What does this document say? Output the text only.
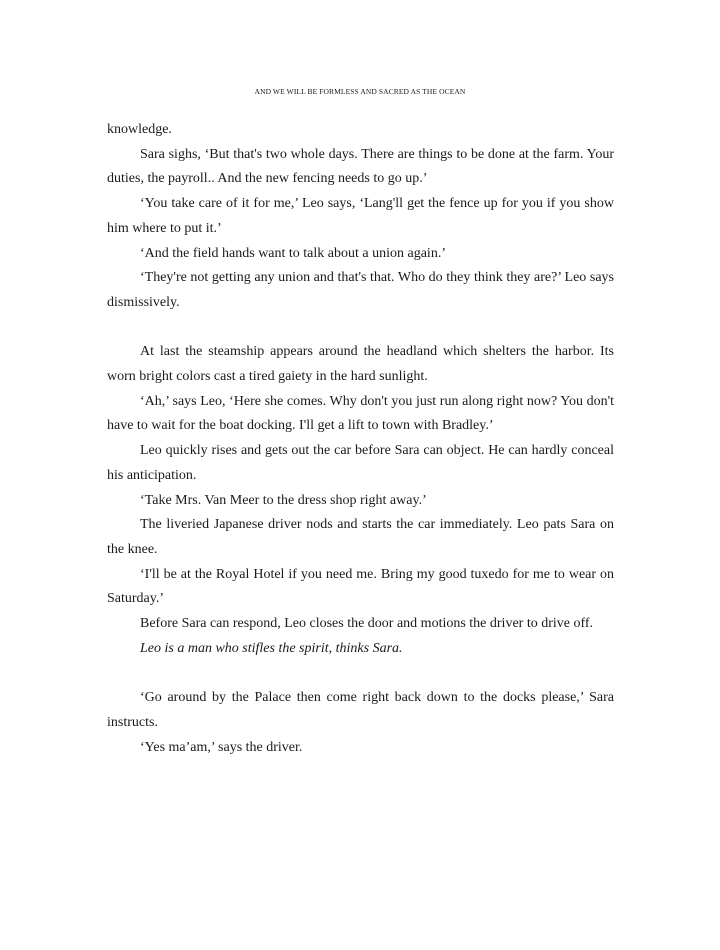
AND WE WILL BE FORMLESS AND SACRED AS THE OCEAN

knowledge.

Sara sighs, ‘But that's two whole days. There are things to be done at the farm. Your duties, the payroll.. And the new fencing needs to go up.’

‘You take care of it for me,’ Leo says, ‘Lang'll get the fence up for you if you show him where to put it.’

‘And the field hands want to talk about a union again.’

‘They're not getting any union and that's that. Who do they think they are?’ Leo says dismissively.

At last the steamship appears around the headland which shelters the harbor. Its worn bright colors cast a tired gaiety in the hard sunlight.

‘Ah,’ says Leo, ‘Here she comes. Why don't you just run along right now? You don't have to wait for the boat docking. I'll get a lift to town with Bradley.’

Leo quickly rises and gets out the car before Sara can object. He can hardly conceal his anticipation.

‘Take Mrs. Van Meer to the dress shop right away.’

The liveried Japanese driver nods and starts the car immediately. Leo pats Sara on the knee.

‘I'll be at the Royal Hotel if you need me. Bring my good tuxedo for me to wear on Saturday.’

Before Sara can respond, Leo closes the door and motions the driver to drive off.

Leo is a man who stifles the spirit, thinks Sara.

‘Go around by the Palace then come right back down to the docks please,’ Sara instructs.

‘Yes ma’am,’ says the driver.
